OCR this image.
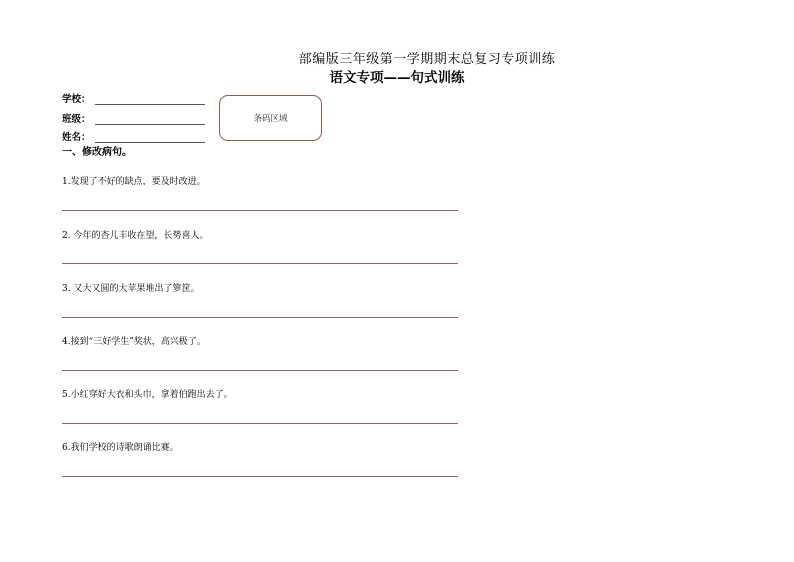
部编版三年级第一学期期末总复习专项训练
语文专项——句式训练
学校：
班级：
姓名：
条码区域
一、修改病句。
1.发现了不好的缺点，要及时改进。
2. 今年的杏儿丰收在望，长势喜人。
3. 又大又圆的大苹果堆出了箩筐。
4.接到“三好学生”奖状，高兴极了。
5.小红穿好大衣和头巾，拿着伯跑出去了。
6.我们学校的诗歌朗诵比赛。
